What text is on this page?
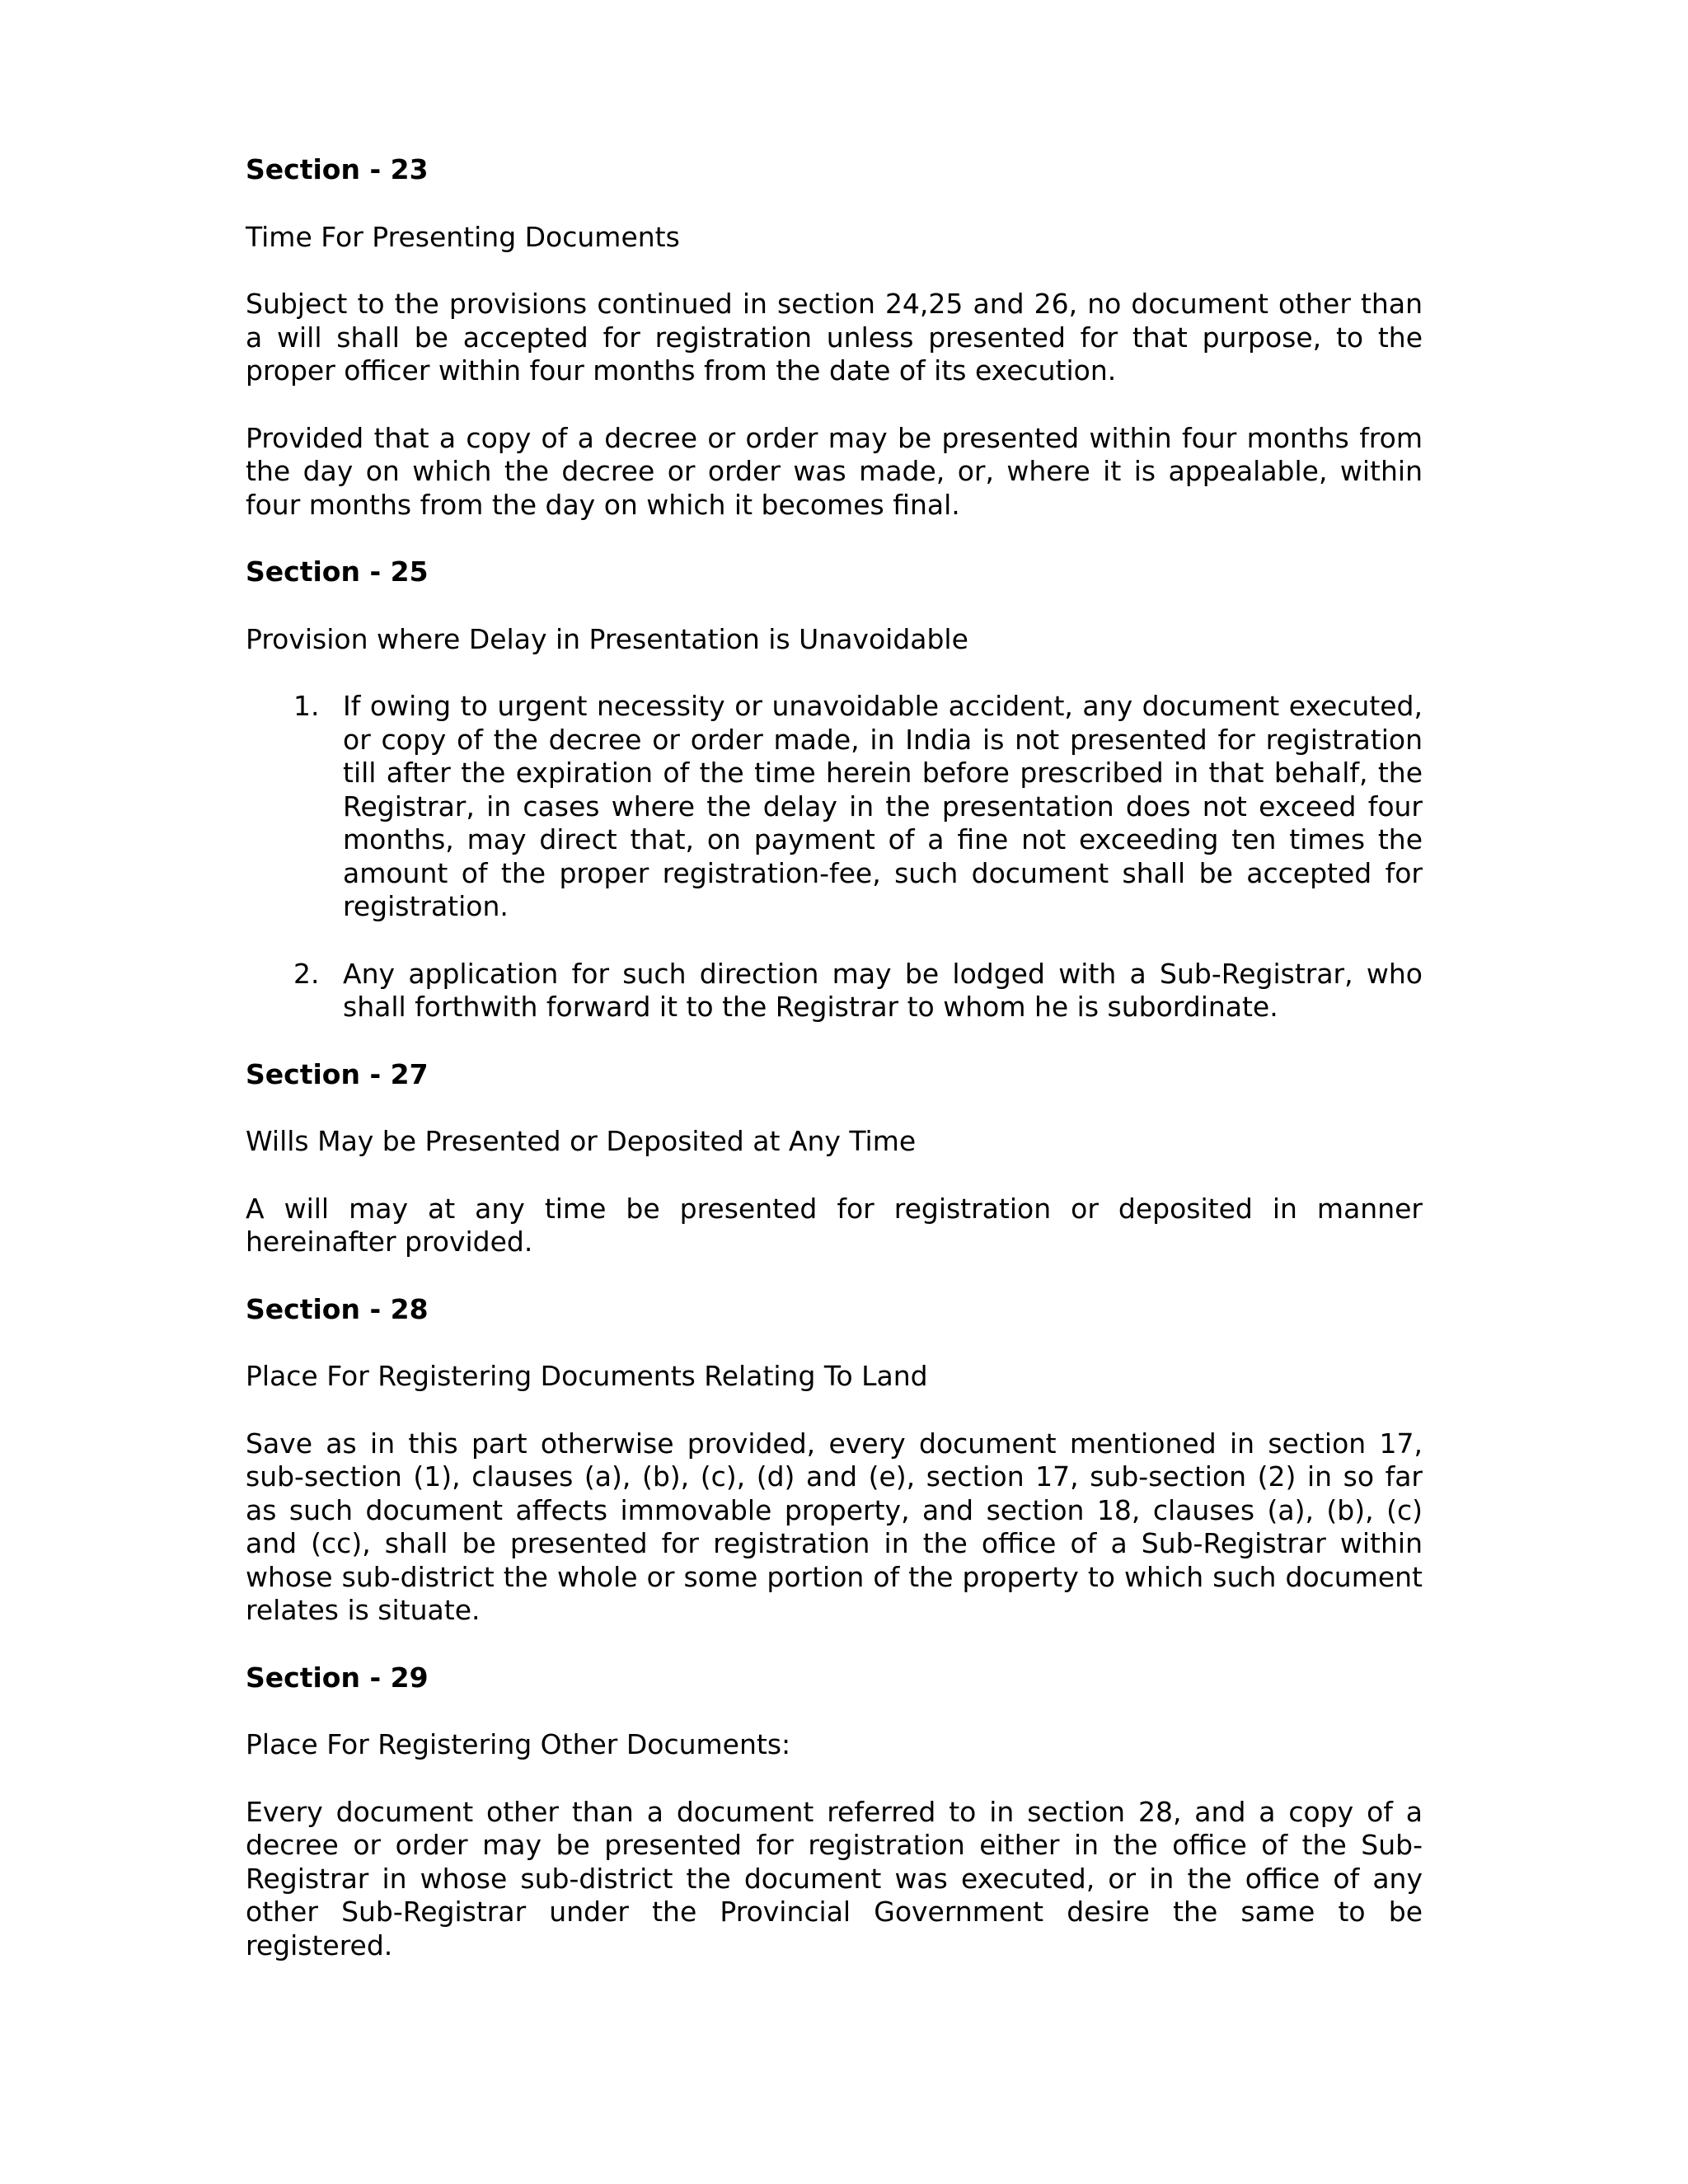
Section - 23
Time For Presenting Documents

Subject to the provisions continued in section 24,25 and 26, no document other than a will shall be accepted for registration unless presented for that purpose, to the proper officer within four months from the date of its execution.

Provided that a copy of a decree or order may be presented within four months from the day on which the decree or order was made, or, where it is appealable, within four months from the day on which it becomes final.

Section - 25
Provision where Delay in Presentation is Unavoidable
1. If owing to urgent necessity or unavoidable accident, any document executed, or copy of the decree or order made, in India is not presented for registration till after the expiration of the time herein before prescribed in that behalf, the Registrar, in cases where the delay in the presentation does not exceed four months, may direct that, on payment of a fine not exceeding ten times the amount of the proper registration-fee, such document shall be accepted for registration.
2. Any application for such direction may be lodged with a Sub-Registrar, who shall forthwith forward it to the Registrar to whom he is subordinate.
Section - 27
Wills May be Presented or Deposited at Any Time

A will may at any time be presented for registration or deposited in manner hereinafter provided.

Section - 28
Place For Registering Documents Relating To Land

Save as in this part otherwise provided, every document mentioned in section 17, sub-section (1), clauses (a), (b), (c), (d) and (e), section 17, sub-section (2) in so far as such document affects immovable property, and section 18, clauses (a), (b), (c) and (cc), shall be presented for registration in the office of a Sub-Registrar within whose sub-district the whole or some portion of the property to which such document relates is situate.

Section - 29
Place For Registering Other Documents:

Every document other than a document referred to in section 28, and a copy of a decree or order may be presented for registration either in the office of the Sub-Registrar in whose sub-district the document was executed, or in the office of any other Sub-Registrar under the Provincial Government desire the same to be registered.
